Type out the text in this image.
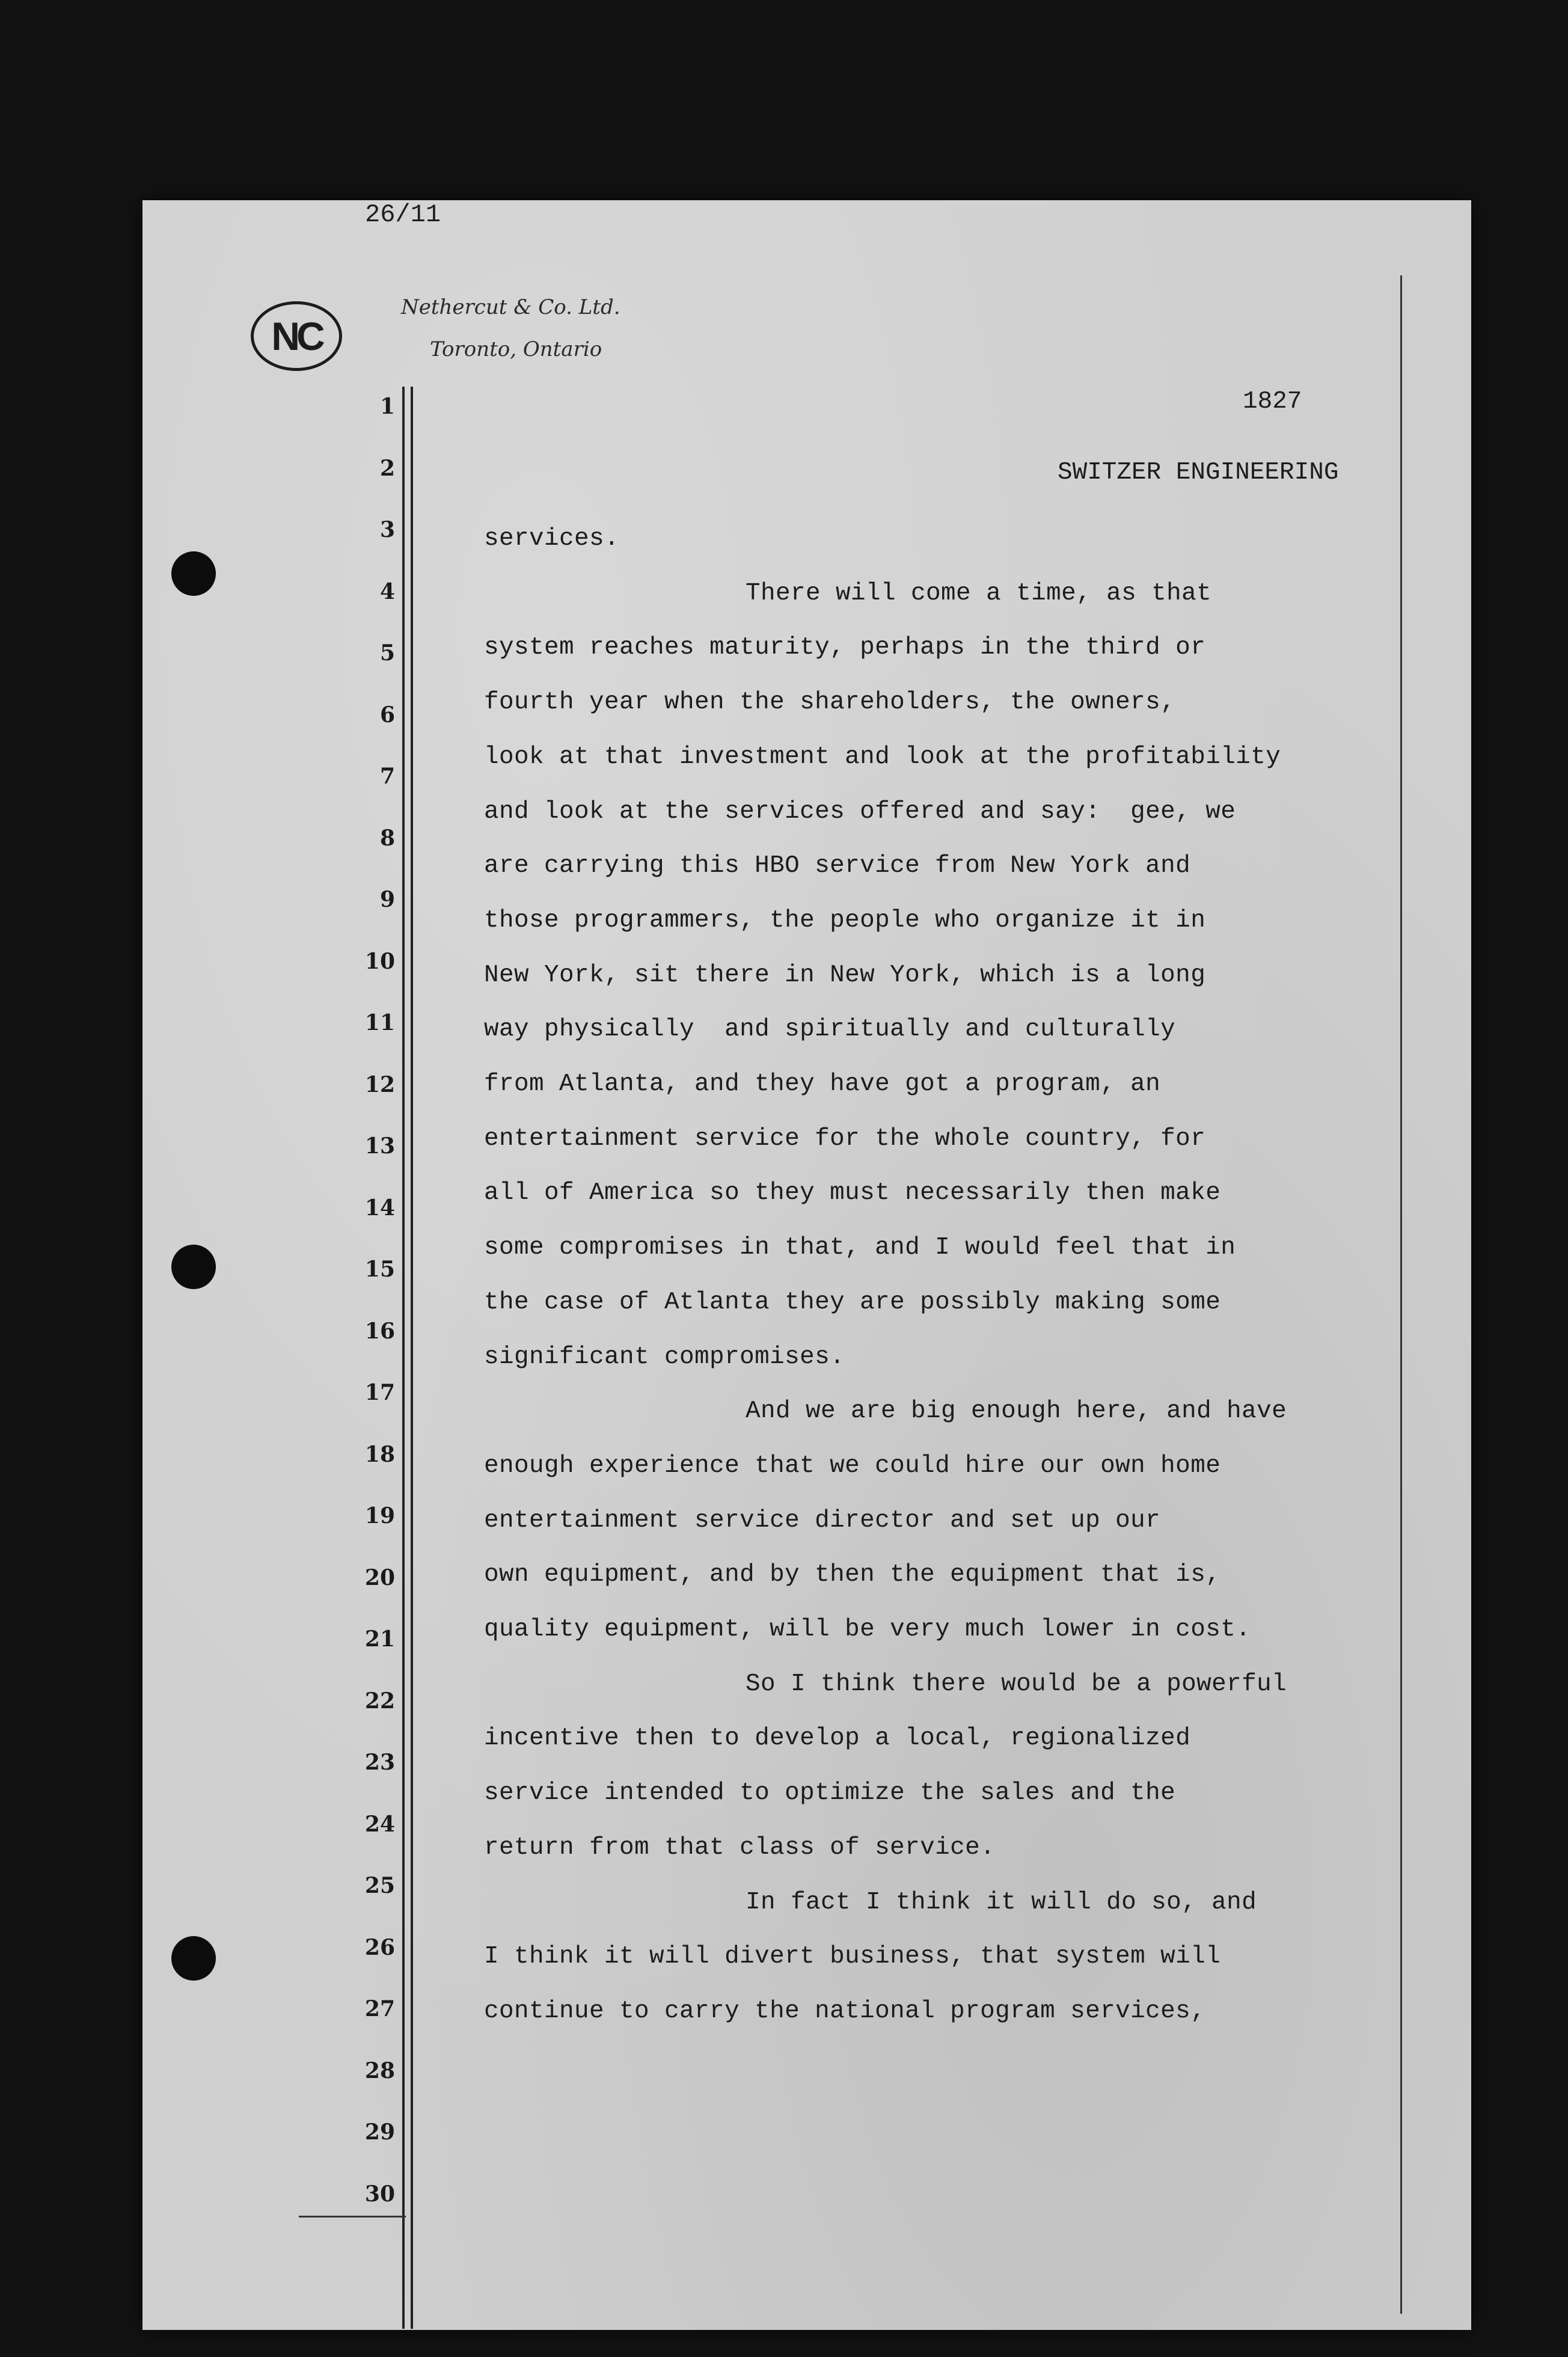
26/11
NC
Nethercut & Co. Ltd.
Toronto, Ontario
1827
SWITZER ENGINEERING
1
2
3
4
5
6
7
8
9
10
11
12
13
14
15
16
17
18
19
20
21
22
23
24
25
26
27
28
29
30
services.
There will come a time, as that
system reaches maturity, perhaps in the third or
fourth year when the shareholders, the owners,
look at that investment and look at the profitability
and look at the services offered and say:  gee, we
are carrying this HBO service from New York and
those programmers, the people who organize it in
New York, sit there in New York, which is a long
way physically  and spiritually and culturally
from Atlanta, and they have got a program, an
entertainment service for the whole country, for
all of America so they must necessarily then make
some compromises in that, and I would feel that in
the case of Atlanta they are possibly making some
significant compromises.
And we are big enough here, and have
enough experience that we could hire our own home
entertainment service director and set up our
own equipment, and by then the equipment that is,
quality equipment, will be very much lower in cost.
So I think there would be a powerful
incentive then to develop a local, regionalized
service intended to optimize the sales and the
return from that class of service.
In fact I think it will do so, and
I think it will divert business, that system will
continue to carry the national program services,
